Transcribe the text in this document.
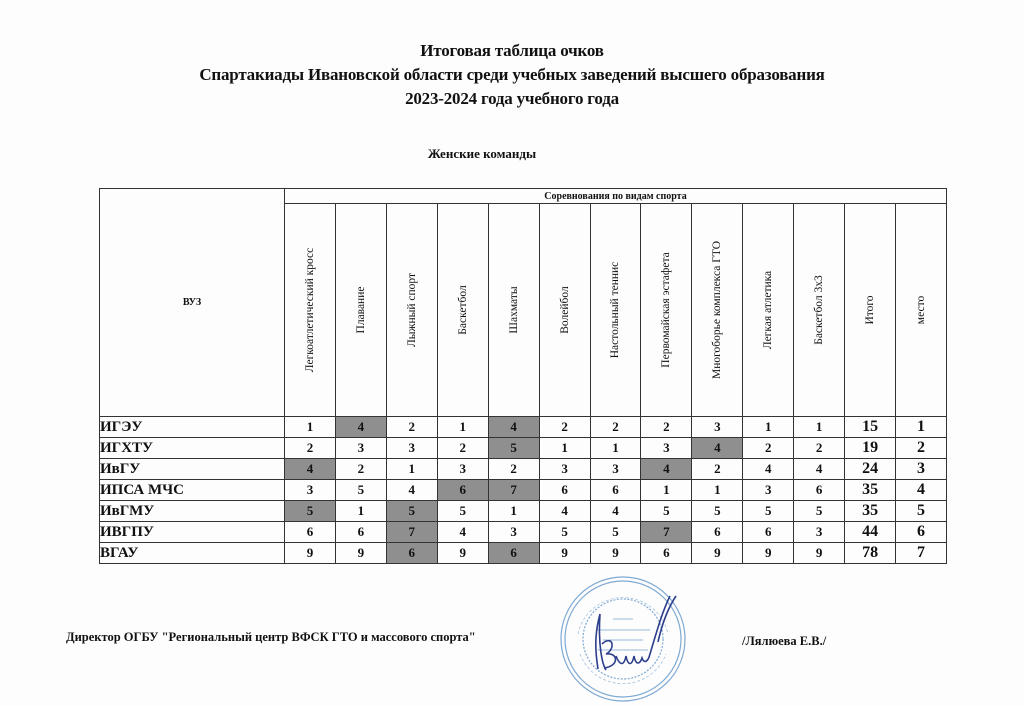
Итоговая таблица очков
Спартакиады Ивановской области среди учебных заведений высшего образования
2023-2024 года учебного года
Женские команды
ВУЗ	Соревнования по видам спорта												

	Легкоатлетический кросс	Плавание	Лыжный спорт	Баскетбол	Шахматы	Волейбол	Настольный теннис	Первомайская эстафета	Многоборье комплекса ГТО	Легкая атлетика	Баскетбол 3х3	Итого	место

ИГЭУ	1	4	2	1	4	2	2	2	3	1	1	15	1
ИГХТУ	2	3	3	2	5	1	1	3	4	2	2	19	2
ИвГУ	4	2	1	3	2	3	3	4	2	4	4	24	3
ИПСА МЧС	3	5	4	6	7	6	6	1	1	3	6	35	4
ИвГМУ	5	1	5	5	1	4	4	5	5	5	5	35	5
ИВГПУ	6	6	7	4	3	5	5	7	6	6	3	44	6
ВГАУ	9	9	6	9	6	9	9	6	9	9	9	78	7
Директор ОГБУ "Региональный центр ВФСК ГТО и массового спорта"	/Лялюева Е.В./
